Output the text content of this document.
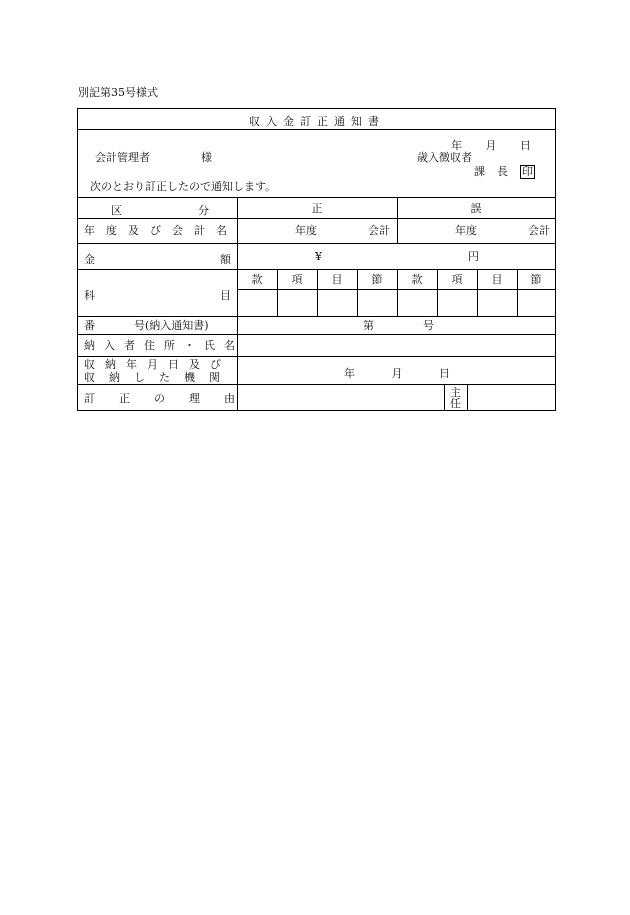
別記第35号様式
収入金訂正通知書
年 月 日
会計管理者	様	歳入徴収者
課長 印
次のとおり訂正したので通知します。
区	分	正	誤
年度及び会計名	年度	会計	年度	会計
金	額	¥	円
科	目
款	項	目	節	款	項	目	節
番	号(納入通知書)	第	号
納入者住所・氏名
収納年月日及び
収納した機関	年	月	日
訂正の理由	主任
